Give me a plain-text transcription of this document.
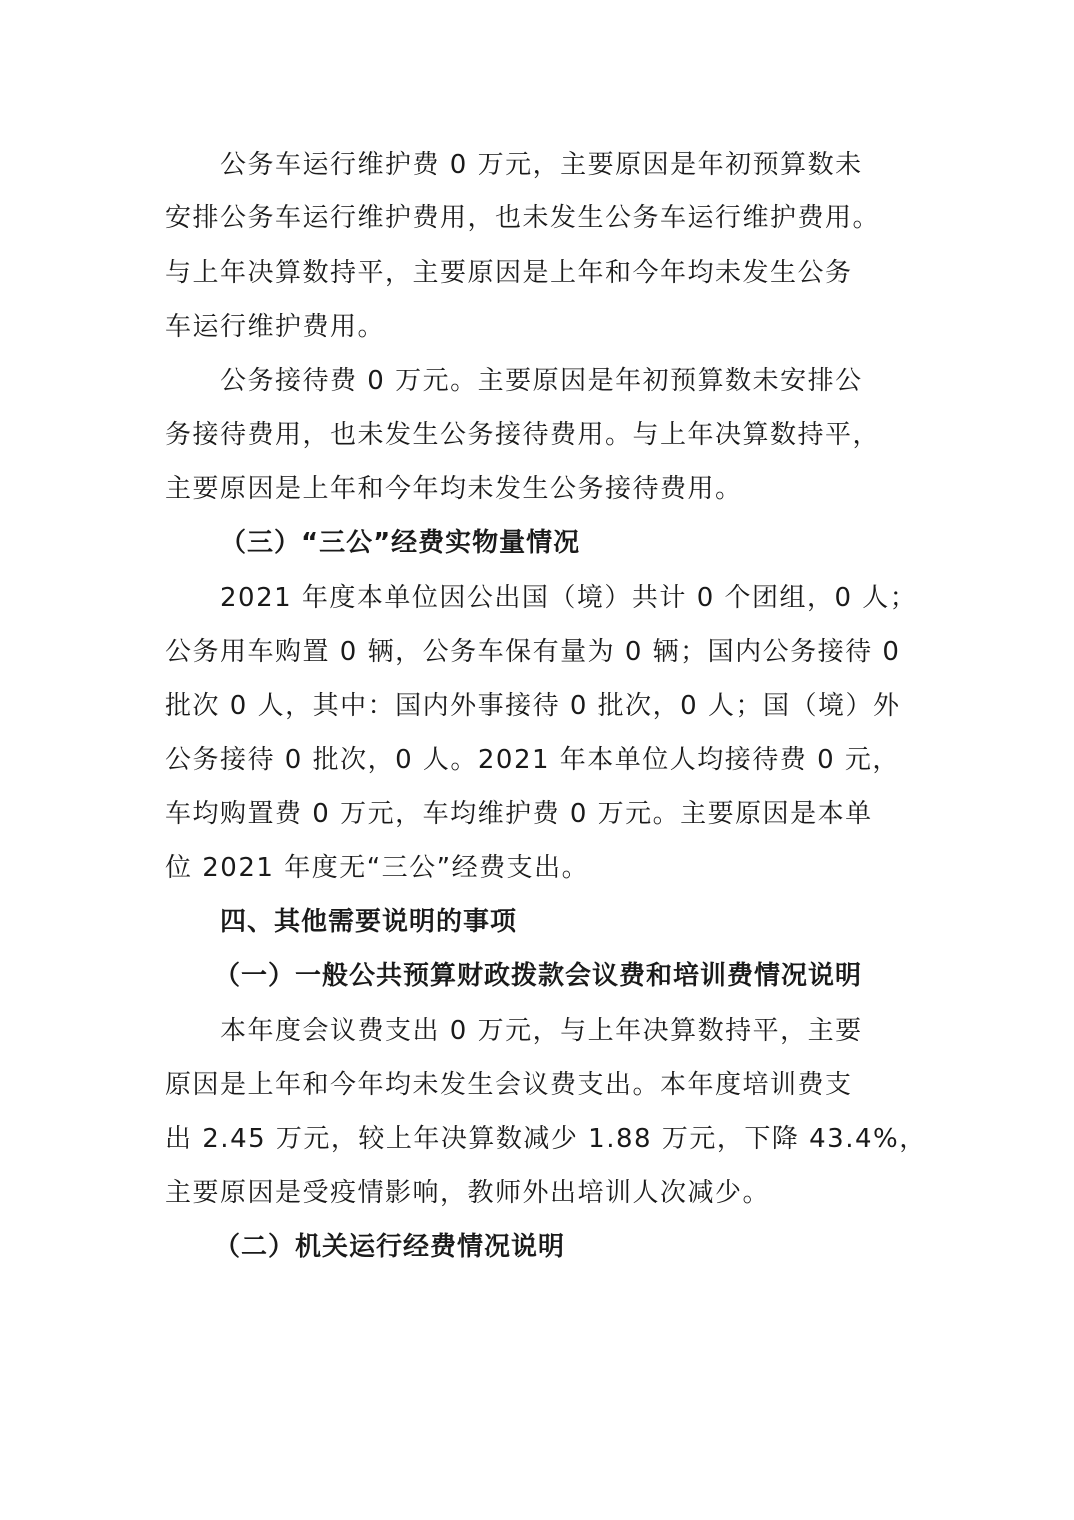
公务车运行维护费 0 万元，主要原因是年初预算数未
安排公务车运行维护费用，也未发生公务车运行维护费用。
与上年决算数持平，主要原因是上年和今年均未发生公务
车运行维护费用。
公务接待费 0 万元。主要原因是年初预算数未安排公
务接待费用，也未发生公务接待费用。与上年决算数持平，
主要原因是上年和今年均未发生公务接待费用。
（三）“三公”经费实物量情况
2021 年度本单位因公出国（境）共计 0 个团组，0 人；
公务用车购置 0 辆，公务车保有量为 0 辆；国内公务接待 0
批次 0 人，其中：国内外事接待 0 批次，0 人；国（境）外
公务接待 0 批次，0 人。2021 年本单位人均接待费 0 元，
车均购置费 0 万元，车均维护费 0 万元。主要原因是本单
位 2021 年度无“三公”经费支出。
四、其他需要说明的事项
（一）一般公共预算财政拨款会议费和培训费情况说明
本年度会议费支出 0 万元，与上年决算数持平，主要
原因是上年和今年均未发生会议费支出。本年度培训费支
出 2.45 万元，较上年决算数减少 1.88 万元，下降 43.4%，
主要原因是受疫情影响，教师外出培训人次减少。
（二）机关运行经费情况说明
